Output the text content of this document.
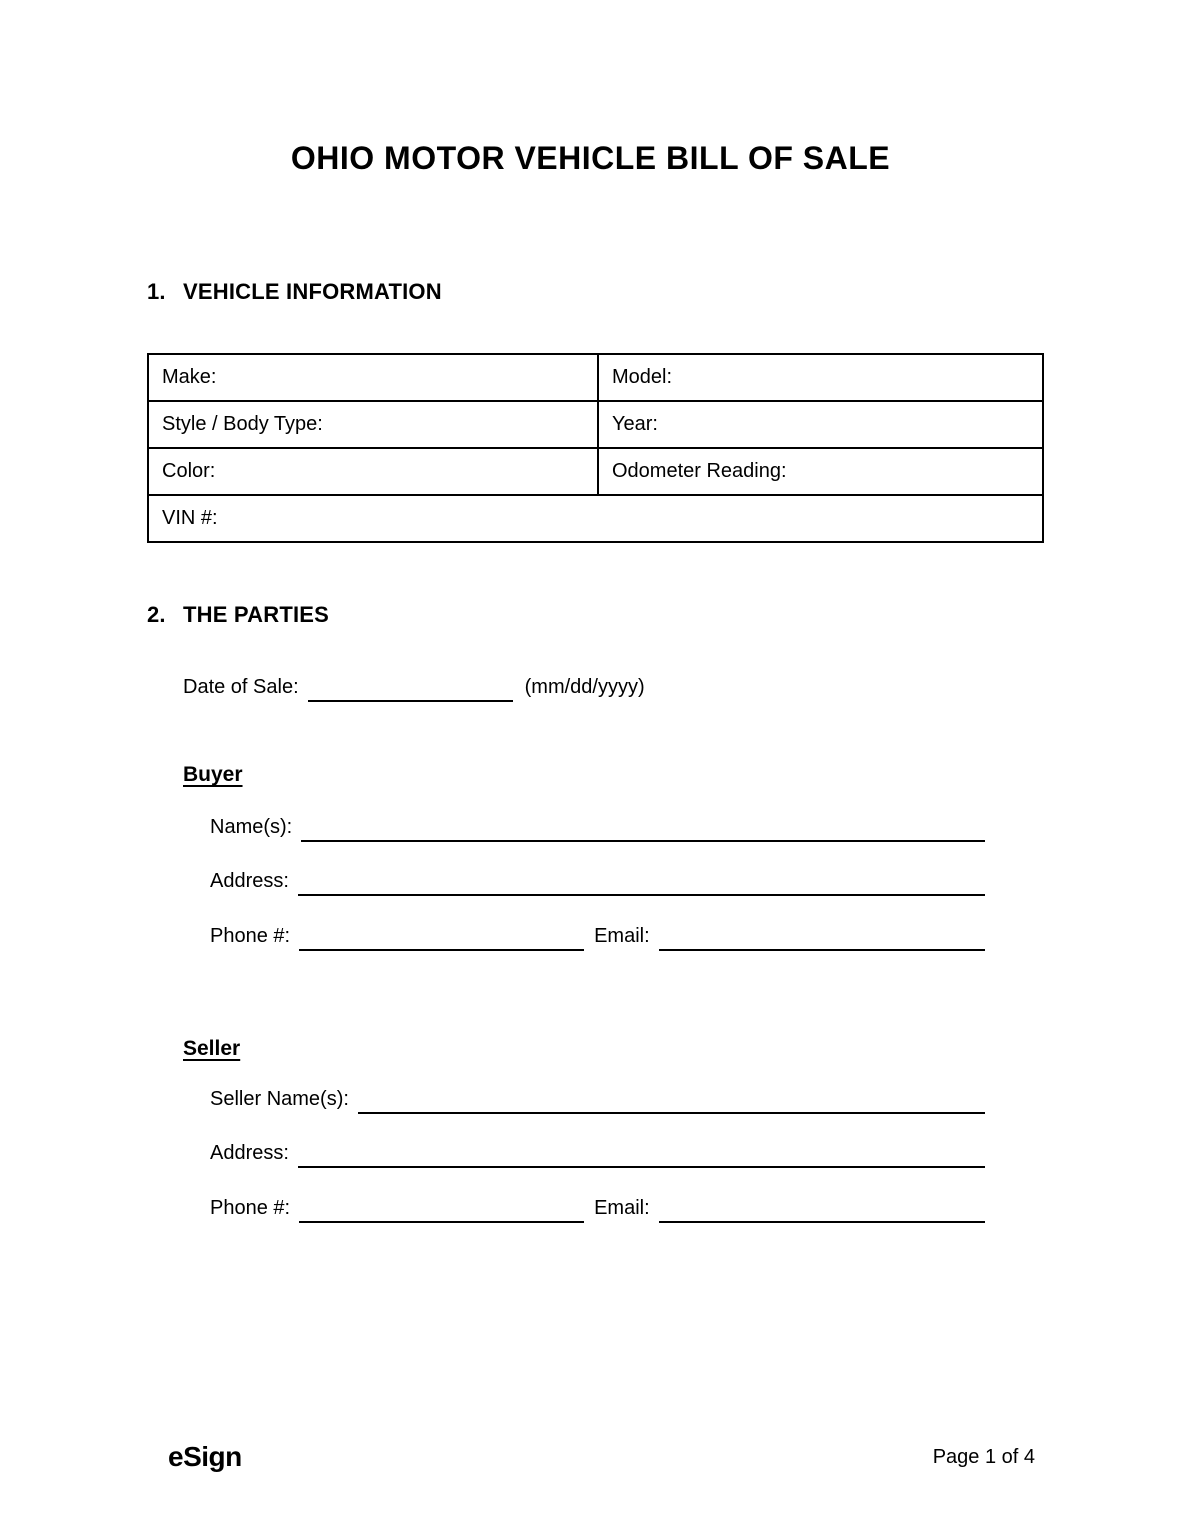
OHIO MOTOR VEHICLE BILL OF SALE
1. VEHICLE INFORMATION
Make:	Model:
Style / Body Type:	Year:
Color:	Odometer Reading:
VIN #:	
2. THE PARTIES
Date of Sale:
	(mm/dd/yyyy)
Buyer
Name(s):

Address:

Phone #:
	Email:

Seller
Seller Name(s):

Address:

Phone #:
	Email:

eSign	Page 1 of 4
